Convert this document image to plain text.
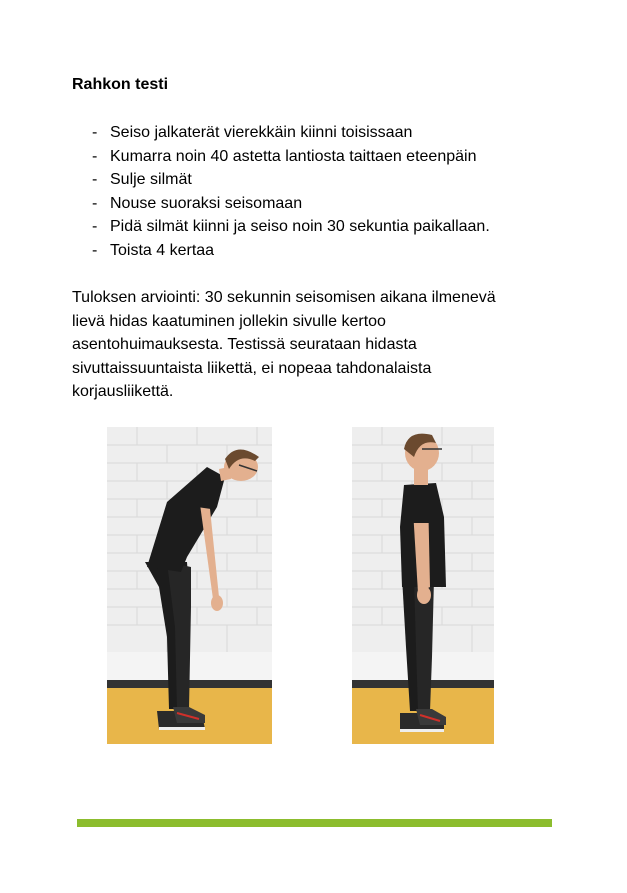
Rahkon testi
- Seiso jalkaterät vierekkäin kiinni toisissaan
- Kumarra noin 40 astetta lantiosta taittaen eteenpäin
- Sulje silmät
- Nouse suoraksi seisomaan
- Pidä silmät kiinni ja seiso noin 30 sekuntia paikallaan.
- Toista 4 kertaa

Tuloksen arviointi: 30 sekunnin seisomisen aikana ilmenevä
lievä hidas kaatuminen jollekin sivulle kertoo
asentohuimauksesta. Testissä seurataan hidasta
sivuttaissuuntaista liikettä, ei nopeaa tahdonalaista
korjausliikettä.
